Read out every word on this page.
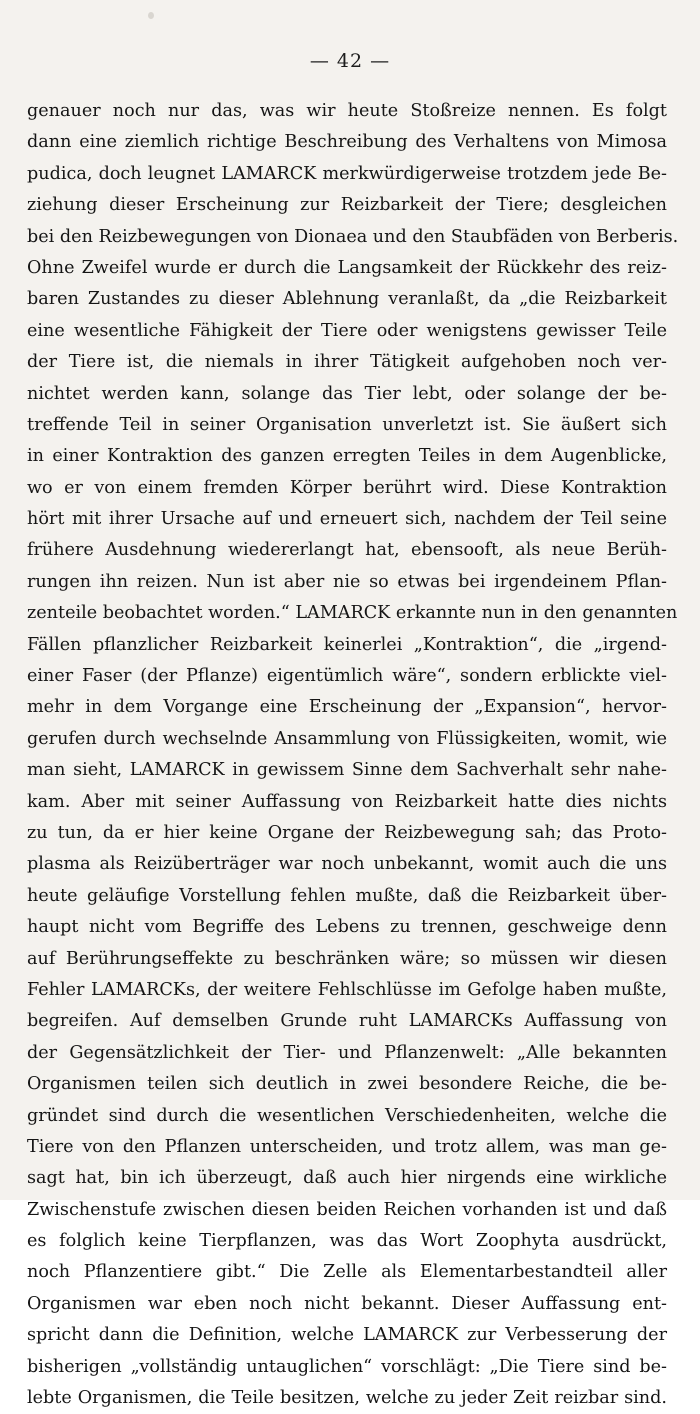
— 42 —
genauer noch nur das, was wir heute Stoßreize nennen. Es folgt
dann eine ziemlich richtige Beschreibung des Verhaltens von Mimosa
pudica, doch leugnet LAMARCK merkwürdigerweise trotzdem jede Be-
ziehung dieser Erscheinung zur Reizbarkeit der Tiere; desgleichen
bei den Reizbewegungen von Dionaea und den Staubfäden von Berberis.
Ohne Zweifel wurde er durch die Langsamkeit der Rückkehr des reiz-
baren Zustandes zu dieser Ablehnung veranlaßt, da „die Reizbarkeit
eine wesentliche Fähigkeit der Tiere oder wenigstens gewisser Teile
der Tiere ist, die niemals in ihrer Tätigkeit aufgehoben noch ver-
nichtet werden kann, solange das Tier lebt, oder solange der be-
treffende Teil in seiner Organisation unverletzt ist. Sie äußert sich
in einer Kontraktion des ganzen erregten Teiles in dem Augenblicke,
wo er von einem fremden Körper berührt wird. Diese Kontraktion
hört mit ihrer Ursache auf und erneuert sich, nachdem der Teil seine
frühere Ausdehnung wiedererlangt hat, ebensooft, als neue Berüh-
rungen ihn reizen. Nun ist aber nie so etwas bei irgendeinem Pflan-
zenteile beobachtet worden.“ LAMARCK erkannte nun in den genannten
Fällen pflanzlicher Reizbarkeit keinerlei „Kontraktion“, die „irgend-
einer Faser (der Pflanze) eigentümlich wäre“, sondern erblickte viel-
mehr in dem Vorgange eine Erscheinung der „Expansion“, hervor-
gerufen durch wechselnde Ansammlung von Flüssigkeiten, womit, wie
man sieht, LAMARCK in gewissem Sinne dem Sachverhalt sehr nahe-
kam. Aber mit seiner Auffassung von Reizbarkeit hatte dies nichts
zu tun, da er hier keine Organe der Reizbewegung sah; das Proto-
plasma als Reizüberträger war noch unbekannt, womit auch die uns
heute geläufige Vorstellung fehlen mußte, daß die Reizbarkeit über-
haupt nicht vom Begriffe des Lebens zu trennen, geschweige denn
auf Berührungseffekte zu beschränken wäre; so müssen wir diesen
Fehler LAMARCKs, der weitere Fehlschlüsse im Gefolge haben mußte,
begreifen. Auf demselben Grunde ruht LAMARCKs Auffassung von
der Gegensätzlichkeit der Tier- und Pflanzenwelt: „Alle bekannten
Organismen teilen sich deutlich in zwei besondere Reiche, die be-
gründet sind durch die wesentlichen Verschiedenheiten, welche die
Tiere von den Pflanzen unterscheiden, und trotz allem, was man ge-
sagt hat, bin ich überzeugt, daß auch hier nirgends eine wirkliche
Zwischenstufe zwischen diesen beiden Reichen vorhanden ist und daß
es folglich keine Tierpflanzen, was das Wort Zoophyta ausdrückt,
noch Pflanzentiere gibt.“ Die Zelle als Elementarbestandteil aller
Organismen war eben noch nicht bekannt. Dieser Auffassung ent-
spricht dann die Definition, welche LAMARCK zur Verbesserung der
bisherigen „vollständig untauglichen“ vorschlägt: „Die Tiere sind be-
lebte Organismen, die Teile besitzen, welche zu jeder Zeit reizbar sind.
